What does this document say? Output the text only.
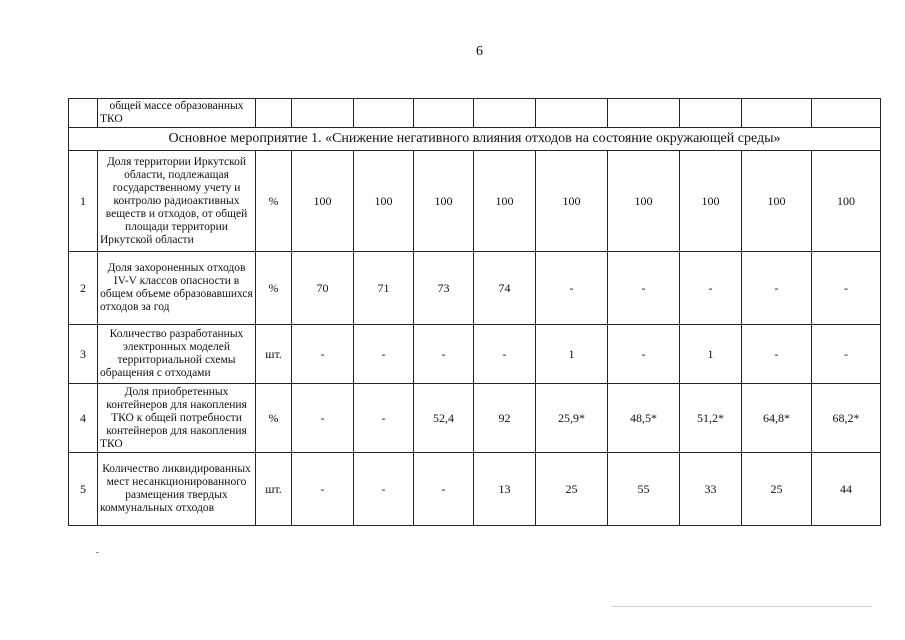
6
	общей массе образованных ТКО										
Основное мероприятие 1. «Снижение негативного влияния отходов на состояние окружающей среды»											
1	Доля территории Иркутской области, подлежащая государственному учету и контролю радиоактивных веществ и отходов, от общей площади территории Иркутской области	%	100	100	100	100	100	100	100	100	100
2	Доля захороненных отходов IV-V классов опасности в общем объеме образовавшихся отходов за год	%	70	71	73	74	-	-	-	-	-
3	Количество разработанных электронных моделей территориальной схемы обращения с отходами	шт.	-	-	-	-	1	-	1	-	-
4	Доля приобретенных контейнеров для накопления ТКО к общей потребности контейнеров для накопления ТКО	%	-	-	52,4	92	25,9*	48,5*	51,2*	64,8*	68,2*
5	Количество ликвидированных мест несанкционированного размещения твердых коммунальных отходов	шт.	-	-	-	13	25	55	33	25	44
